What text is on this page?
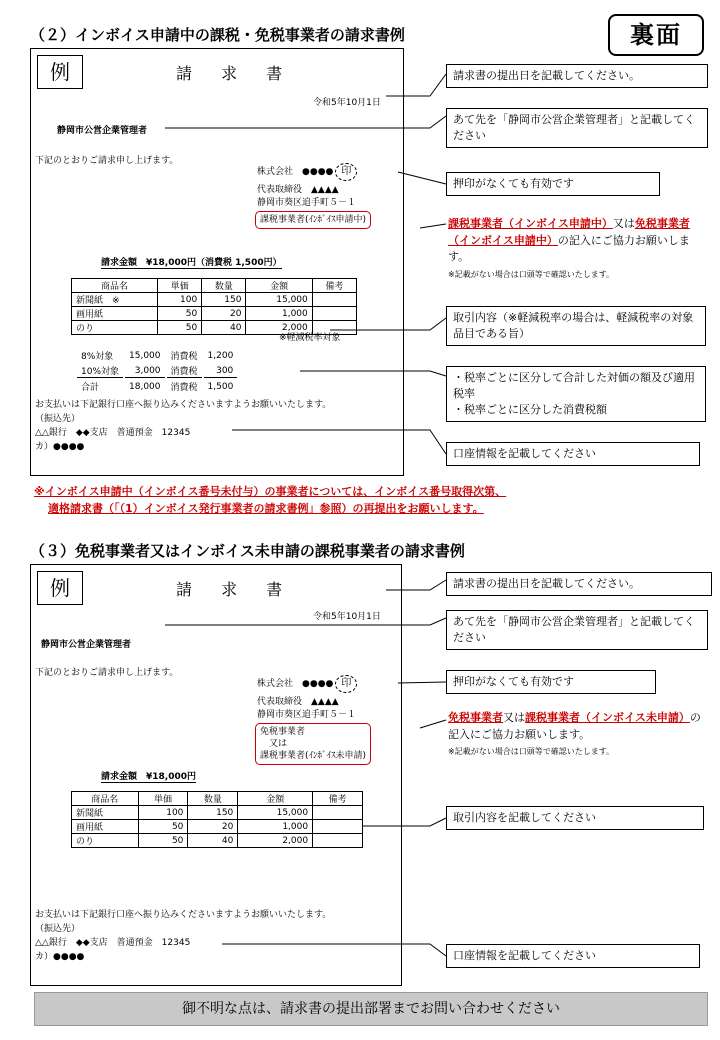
（２）インボイス申請中の課税・免税事業者の請求書例	裏面
例	請 求 書
令和5年10月1日
静岡市公営企業管理者
下記のとおりご請求申し上げます。
株式会社　●●●● 印
代表取締役　▲▲▲▲
静岡市葵区追手町５－１
課税事業者(ｲﾝﾎﾞｲｽ申請中)
請求金額　¥18,000円（消費税 1,500円）
商品名	単価	数量	金額	備考
新聞紙　※	100	150	15,000	
画用紙	50	20	1,000	
のり	50	40	2,000	
※軽減税率対象
8%対象	15,000	消費税	1,200
10%対象	3,000	消費税	300
合計	18,000	消費税	1,500
お支払いは下記銀行口座へ振り込みくださいますようお願いいたします。
（振込先）
△△銀行　◆◆支店　普通預金　12345
カ）●●●●
請求書の提出日を記載してください。
あて先を「静岡市公営企業管理者」と記載してください
押印がなくても有効です
課税事業者（インボイス申請中）又は免税事業者（インボイス申請中）の記入にご協力お願いします。
※記載がない場合は口頭等で確認いたします。
取引内容（※軽減税率の場合は、軽減税率の対象品目である旨）
・税率ごとに区分して合計した対価の額及び適用税率
・税率ごとに区分した消費税額
口座情報を記載してください
※インボイス申請中（インボイス番号未付与）の事業者については、インボイス番号取得次第、
適格請求書（「（1）インボイス発行事業者の請求書例」参照）の再提出をお願いします。
（３）免税事業者又はインボイス未申請の課税事業者の請求書例
例	請 求 書
令和5年10月1日
静岡市公営企業管理者
下記のとおりご請求申し上げます。
株式会社　●●●● 印
代表取締役　▲▲▲▲
静岡市葵区追手町５－１
免税事業者
　又は
課税事業者(ｲﾝﾎﾞｲｽ未申請)
請求金額　¥18,000円
商品名	単価	数量	金額	備考
新聞紙	100	150	15,000	
画用紙	50	20	1,000	
のり	50	40	2,000	
お支払いは下記銀行口座へ振り込みくださいますようお願いいたします。
（振込先）
△△銀行　◆◆支店　普通預金　12345
カ）●●●●
請求書の提出日を記載してください。
あて先を「静岡市公営企業管理者」と記載してください
押印がなくても有効です
免税事業者又は課税事業者（インボイス未申請）の記入にご協力お願いします。
※記載がない場合は口頭等で確認いたします。
取引内容を記載してください
口座情報を記載してください
御不明な点は、請求書の提出部署までお問い合わせください
